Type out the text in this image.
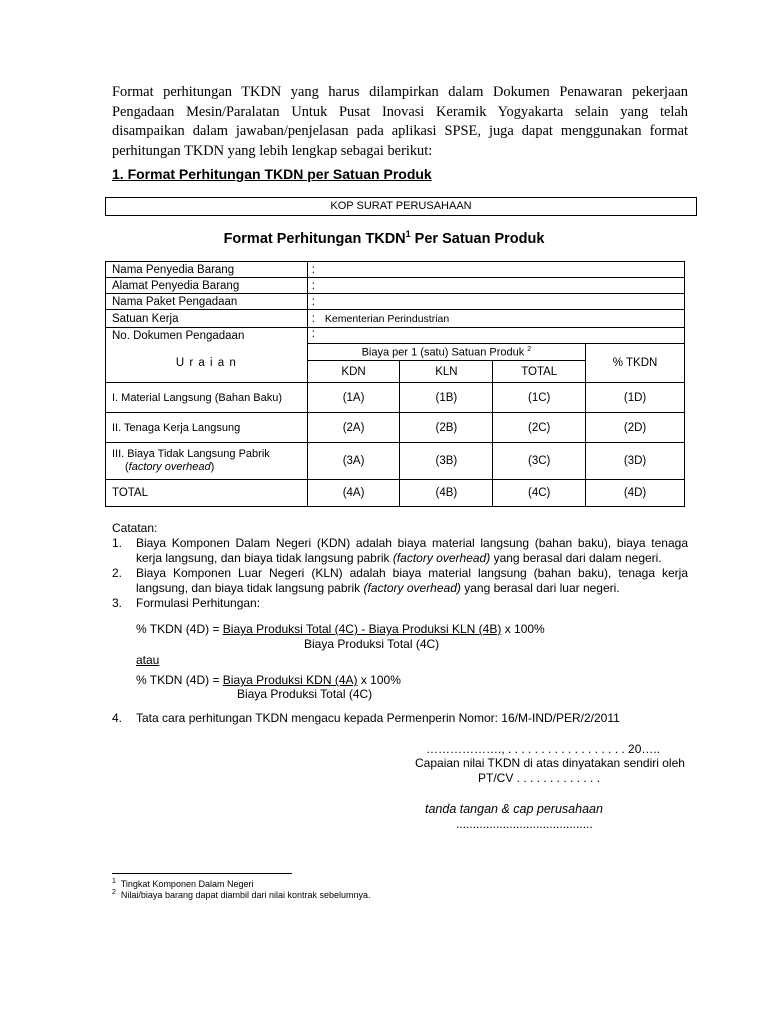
Format perhitungan TKDN yang harus dilampirkan dalam Dokumen Penawaran pekerjaan Pengadaan Mesin/Paralatan Untuk Pusat Inovasi Keramik Yogyakarta selain yang telah disampaikan dalam jawaban/penjelasan pada aplikasi SPSE, juga dapat menggunakan format perhitungan TKDN yang lebih lengkap sebagai berikut:
1. Format Perhitungan TKDN per Satuan Produk
KOP SURAT PERUSAHAAN
Format Perhitungan TKDN$^1$ Per Satuan Produk
Nama Penyedia Barang	:
Alamat Penyedia Barang	:
Nama Paket Pengadaan	:
Satuan Kerja	: Kementerian Perindustrian
No. Dokumen Pengadaan	:

U r a i a n	Biaya per 1 (satu) Satuan Produk $^2$			% TKDN
	KDN	KLN	TOTAL	
I. Material Langsung (Bahan Baku)	(1A)	(1B)	(1C)	(1D)
II. Tenaga Kerja Langsung	(2A)	(2B)	(2C)	(2D)

III. Biaya Tidak Langsung Pabrik
(factory overhead)	(3A)	(3B)	(3C)	(3D)
TOTAL	(4A)	(4B)	(4C)	(4D)
Catatan:
1. Biaya Komponen Dalam Negeri (KDN) adalah biaya material langsung (bahan baku), biaya tenaga kerja langsung, dan biaya tidak langsung pabrik (factory overhead) yang berasal dari dalam negeri.
2. Biaya Komponen Luar Negeri (KLN) adalah biaya material langsung (bahan baku), tenaga kerja langsung, dan biaya tidak langsung pabrik (factory overhead) yang berasal dari luar negeri.
3. Formulasi Perhitungan:
% TKDN (4D) = Biaya Produksi Total (4C) - Biaya Produksi KLN (4B) x 100%
Biaya Produksi Total (4C)
atau
% TKDN (4D) = Biaya Produksi KDN (4A) x 100%
Biaya Produksi Total (4C)
4. Tata cara perhitungan TKDN mengacu kepada Permenperin Nomor: 16/M-IND/PER/2/2011
………………., . . . . . . . . . . . . . . . . . . 20…..
Capaian nilai TKDN di atas dinyatakan sendiri oleh
PT/CV . . . . . . . . . . . . .
tanda tangan & cap perusahaan
.........................................
$^1$ Tingkat Komponen Dalam Negeri
$^2$ Nilai/biaya barang dapat diambil dari nilai kontrak sebelumnya.
